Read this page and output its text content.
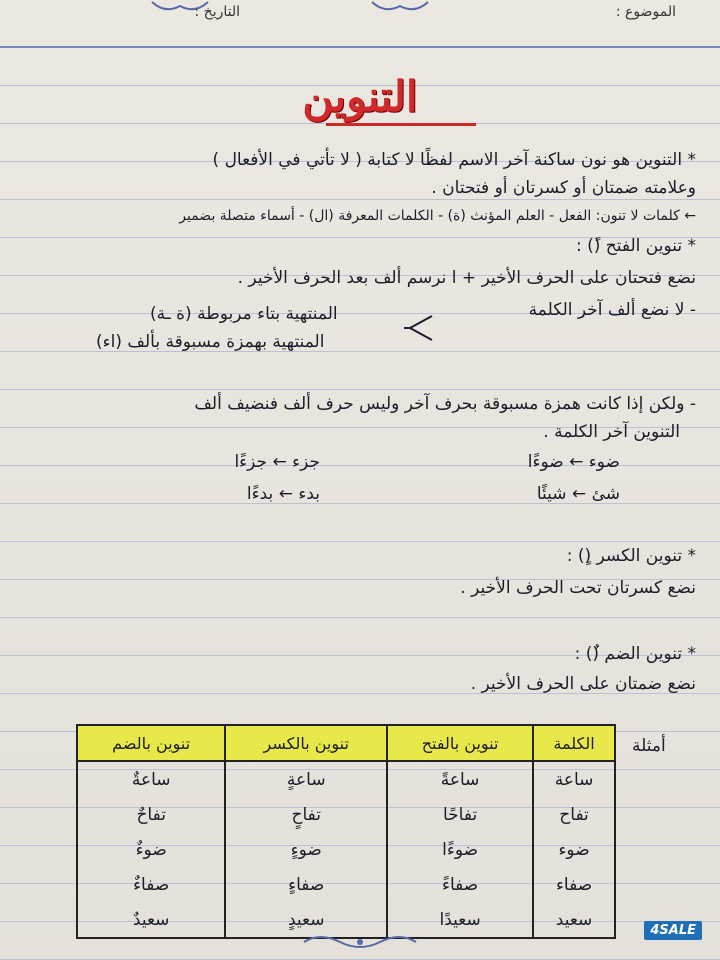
الموضوع :
التاريخ :
التنوين
* التنوين هو نون ساكنة آخر الاسم لفظًا لا كتابة ( لا تأتي في الأفعال )
وعلامته ضمتان أو كسرتان أو فتحتان .
← كلمات لا تنون: الفعل - العلم المؤنث (ة) - الكلمات المعرفة (ال) - أسماء متصلة بضمير
* تنوين الفتح (ً) :
نضع فتحتان على الحرف الأخير + ا نرسم ألف بعد الحرف الأخير .
- لا نضع ألف آخر الكلمة
المنتهية بتاء مربوطة (ة ـة)
المنتهية بهمزة مسبوقة بألف (اء)
- ولكن إذا كانت همزة مسبوقة بحرف آخر وليس حرف ألف فنضيف ألف
التنوين آخر الكلمة .
ضوء ← ضوءًا
جزء ← جزءًا
شئ ← شيئًا
بدء ← بدءًا
* تنوين الكسر (ٍ) :
نضع كسرتان تحت الحرف الأخير .
* تنوين الضم (ٌ) :
نضع ضمتان على الحرف الأخير .
أمثلة
الكلمة	تنوين بالفتح	تنوين بالكسر	تنوين بالضم
ساعة	ساعةً	ساعةٍ	ساعةٌ
تفاح	تفاحًا	تفاحٍ	تفاحٌ
ضوء	ضوءًا	ضوءٍ	ضوءٌ
صفاء	صفاءً	صفاءٍ	صفاءٌ
سعيد	سعيدًا	سعيدٍ	سعيدٌ
4SALE
